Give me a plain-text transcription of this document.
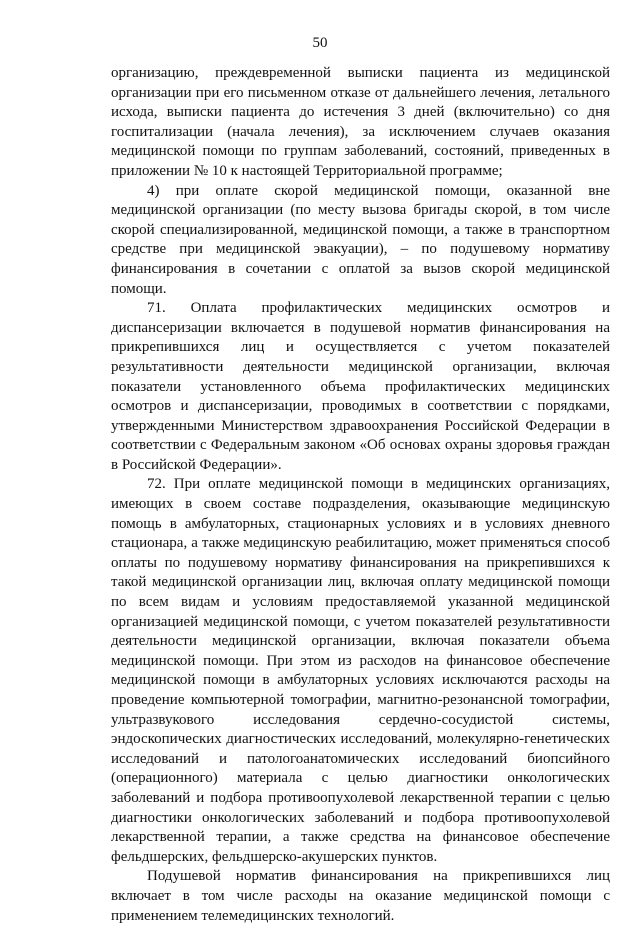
50

организацию, преждевременной выписки пациента из медицинской организации при его письменном отказе от дальнейшего лечения, летального исхода, выписки пациента до истечения 3 дней (включительно) со дня госпитализации (начала лечения), за исключением случаев оказания медицинской помощи по группам заболеваний, состояний, приведенных в приложении № 10 к настоящей Территориальной программе;

4) при оплате скорой медицинской помощи, оказанной вне медицинской организации (по месту вызова бригады скорой, в том числе скорой специализированной, медицинской помощи, а также в транспортном средстве при медицинской эвакуации), – по подушевому нормативу финансирования в сочетании с оплатой за вызов скорой медицинской помощи.

71. Оплата профилактических медицинских осмотров и диспансеризации включается в подушевой норматив финансирования на прикрепившихся лиц и осуществляется с учетом показателей результативности деятельности медицинской организации, включая показатели установленного объема профилактических медицинских осмотров и диспансеризации, проводимых в соответствии с порядками, утвержденными Министерством здравоохранения Российской Федерации в соответствии с Федеральным законом «Об основах охраны здоровья граждан в Российской Федерации».

72. При оплате медицинской помощи в медицинских организациях, имеющих в своем составе подразделения, оказывающие медицинскую помощь в амбулаторных, стационарных условиях и в условиях дневного стационара, а также медицинскую реабилитацию, может применяться способ оплаты по подушевому нормативу финансирования на прикрепившихся к такой медицинской организации лиц, включая оплату медицинской помощи по всем видам и условиям предоставляемой указанной медицинской организацией медицинской помощи, с учетом показателей результативности деятельности медицинской организации, включая показатели объема медицинской помощи. При этом из расходов на финансовое обеспечение медицинской помощи в амбулаторных условиях исключаются расходы на проведение компьютерной томографии, магнитно-резонансной томографии, ультразвукового исследования сердечно-сосудистой системы, эндоскопических диагностических исследований, молекулярно-генетических исследований и патологоанатомических исследований биопсийного (операционного) материала с целью диагностики онкологических заболеваний и подбора противоопухолевой лекарственной терапии с целью диагностики онкологических заболеваний и подбора противоопухолевой лекарственной терапии, а также средства на финансовое обеспечение фельдшерских, фельдшерско-акушерских пунктов.

Подушевой норматив финансирования на прикрепившихся лиц включает в том числе расходы на оказание медицинской помощи с применением телемедицинских технологий.
